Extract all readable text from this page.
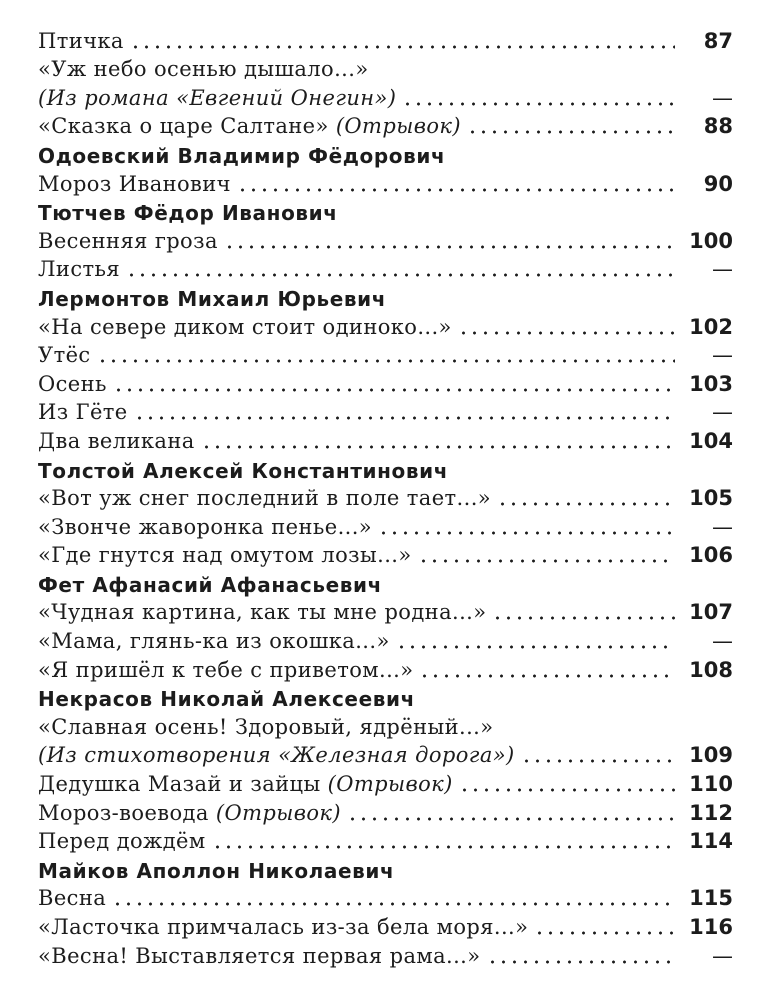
Птичка	87
«Уж небо осенью дышало...»
(Из романа «Евгений Онегин»)	—
«Сказка о царе Салтане» (Отрывок)	88
Одоевский Владимир Фёдорович
Мороз Иванович	90
Тютчев Фёдор Иванович
Весенняя гроза	100
Листья	—
Лермонтов Михаил Юрьевич
«На севере диком стоит одиноко...»	102
Утёс	—
Осень	103
Из Гёте	—
Два великана	104
Толстой Алексей Константинович
«Вот уж снег последний в поле тает...»	105
«Звонче жаворонка пенье...»	—
«Где гнутся над омутом лозы...»	106
Фет Афанасий Афанасьевич
«Чудная картина, как ты мне родна...»	107
«Мама, глянь-ка из окошка...»	—
«Я пришёл к тебе с приветом...»	108
Некрасов Николай Алексеевич
«Славная осень! Здоровый, ядрёный...»
(Из стихотворения «Железная дорога»)	109
Дедушка Мазай и зайцы (Отрывок)	110
Мороз-воевода (Отрывок)	112
Перед дождём	114
Майков Аполлон Николаевич
Весна	115
«Ласточка примчалась из-за бела моря...»	116
«Весна! Выставляется первая рама...»	—
